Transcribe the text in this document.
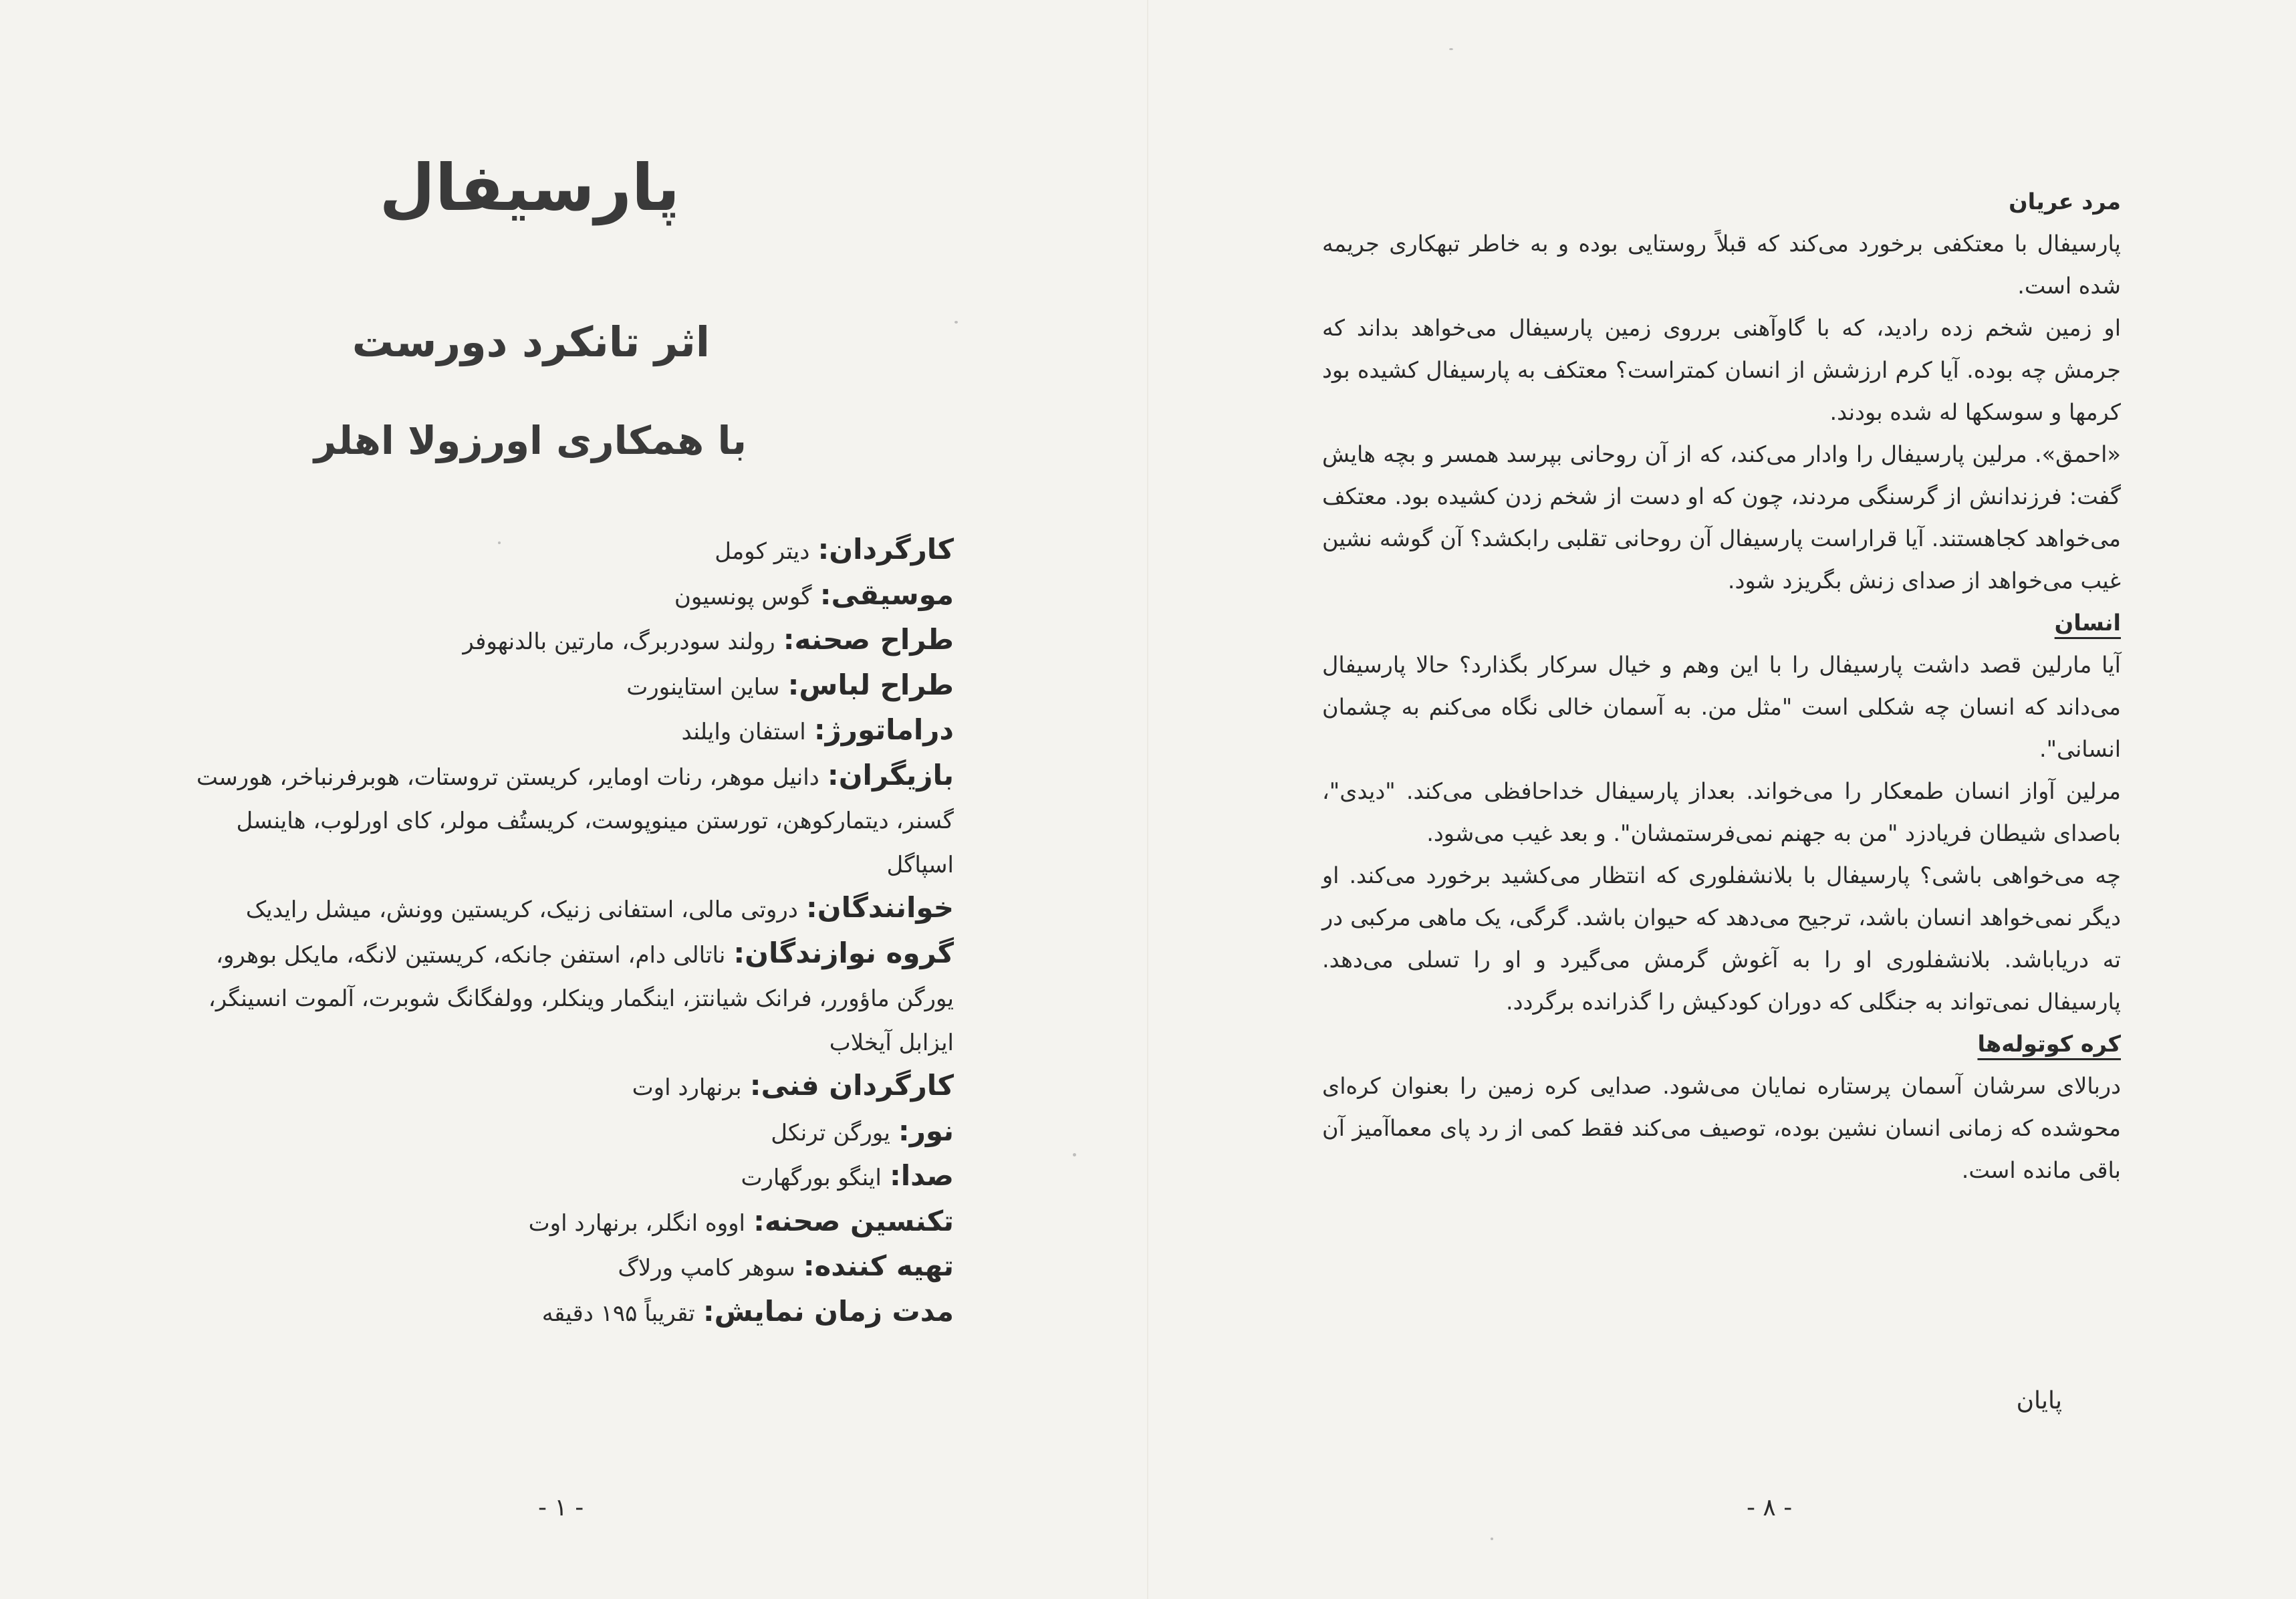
پارسیفال
اثر تانکرد دورست
با همکاری اورزولا اهلر

کارگردان: دیتر کومل

موسیقی: گوس پونسیون

طراح صحنه: رولند سودربرگ، مارتین بالدنهوفر

طراح لباس: ساین استاینورت

دراماتورژ: استفان وایلند

بازیگران: دانیل موهر، رنات اومایر، کریستن تروستات، هوبرفرنباخر، هورست گسنر، دیتمارکوهن، تورستن مینوپوست، کریستُف مولر، کای اورلوب، هاینسل اسپاگل

خوانندگان: دروتی مالی، استفانی زنیک، کریستین وونش، میشل رایدیک

گروه نوازندگان: ناتالی دام، استفن جانکه، کریستین لانگه، مایکل بوهرو، یورگن ماؤورر، فرانک شیانتز، اینگمار وینکلر، وولفگانگ شوبرت، آلموت انسینگر، ایزابل آیخلاب

کارگردان فنی: برنهارد اوت

نور: یورگن ترنکل

صدا: اینگو بورگهارت

تکنسین صحنه: اووه انگلر، برنهارد اوت

تهیه کننده: سوهر کامپ ورلاگ

مدت زمان نمایش: تقریباً ۱۹۵ دقیقه

- ۱ -

مرد عریان

پارسیفال با معتکفی برخورد می‌کند که قبلاً روستایی بوده و به خاطر تبهکاری جریمه شده است.

او زمین شخم زده رادید، که با گاوآهنی برروی زمین پارسیفال می‌خواهد بداند که جرمش چه بوده. آیا کرم ارزشش از انسان کمتراست؟ معتکف به پارسیفال کشیده بود کرمها و سوسکها له شده بودند.

«احمق». مرلین پارسیفال را وادار می‌کند، که از آن روحانی بپرسد همسر و بچه هایش گفت: فرزندانش از گرسنگی مردند، چون که او دست از شخم زدن کشیده بود. معتکف می‌خواهد کجاهستند. آیا قراراست پارسیفال آن روحانی تقلبی رابکشد؟ آن گوشه نشین غیب می‌خواهد از صدای زنش بگریزد شود.

انسان

آیا مارلین قصد داشت پارسیفال را با این وهم و خیال سرکار بگذارد؟ حالا پارسیفال می‌داند که انسان چه شکلی است "مثل من. به آسمان خالی نگاه می‌کنم به چشمان انسانی".

مرلین آواز انسان طمعکار را می‌خواند. بعداز پارسیفال خداحافظی می‌کند. "دیدی"، باصدای شیطان فریادزد "من به جهنم نمی‌فرستمشان". و بعد غیب می‌شود.

چه می‌خواهی باشی؟ پارسیفال با بلانشفلوری که انتظار می‌کشید برخورد می‌کند. او دیگر نمی‌خواهد انسان باشد، ترجیح می‌دهد که حیوان باشد. گرگی، یک ماهی مرکبی در ته دریاباشد. بلانشفلوری او را به آغوش گرمش می‌گیرد و او را تسلی می‌دهد. پارسیفال نمی‌تواند به جنگلی که دوران کودکیش را گذرانده برگردد.

کره کوتوله‌ها

دربالای سرشان آسمان پرستاره نمایان می‌شود. صدایی کره زمین را بعنوان کره‌ای محوشده که زمانی انسان نشین بوده، توصیف می‌کند فقط کمی از رد پای معماآمیز آن باقی مانده است.

پایان

- ۸ -
